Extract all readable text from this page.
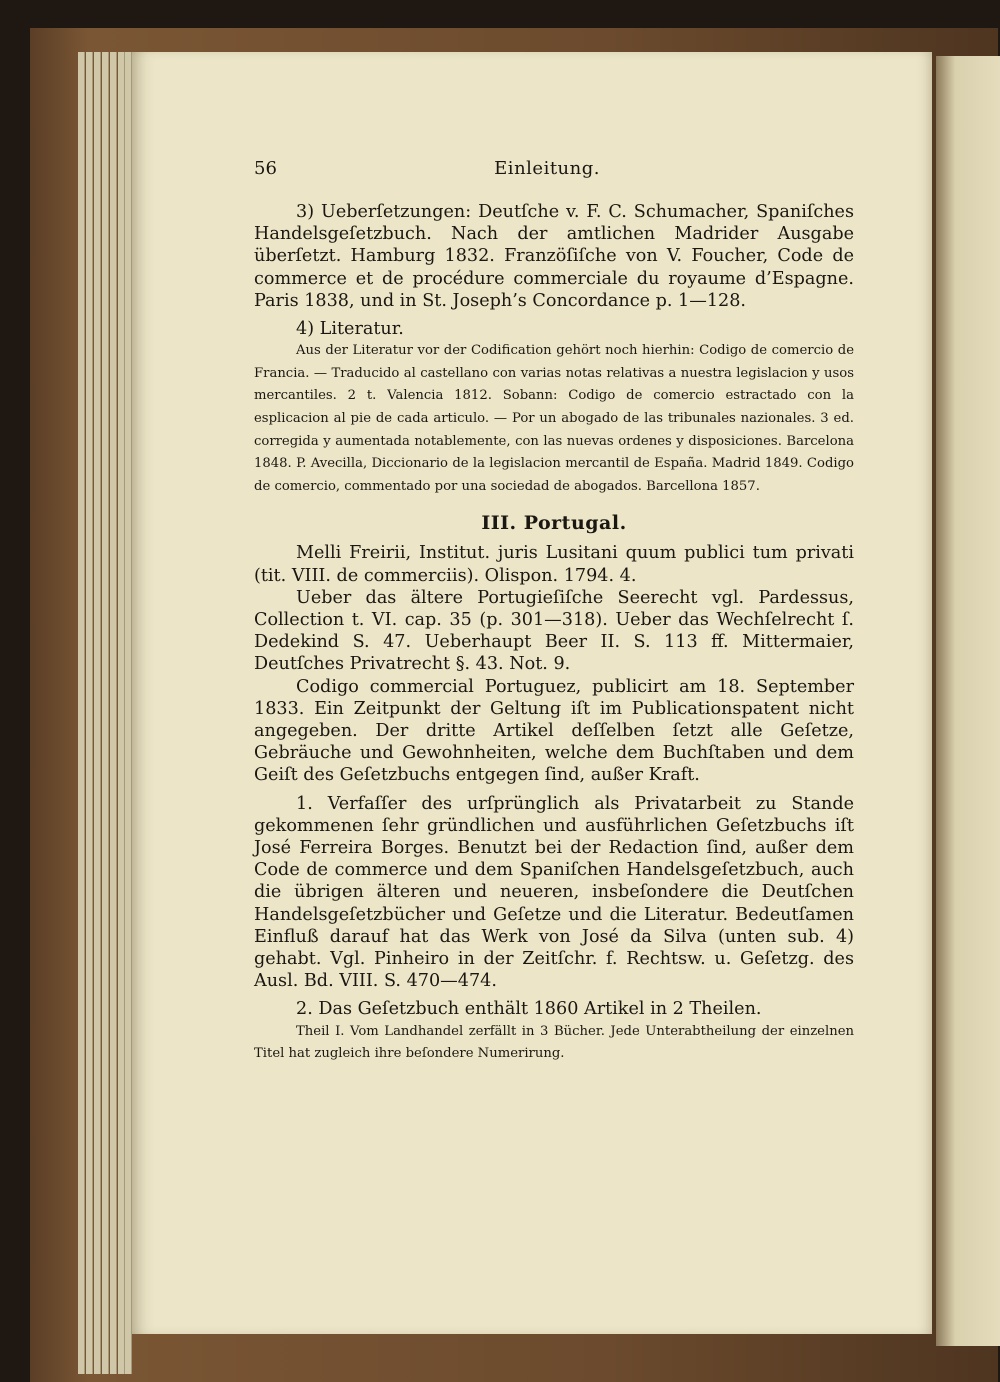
56	Einleitung.

3) Ueberſetzungen: Deutſche v. F. C. Schumacher, Spaniſches Handelsgeſetzbuch. Nach der amtlichen Madrider Ausgabe überſetzt. Hamburg 1832. Franzöſiſche von V. Foucher, Code de commerce et de procédure commerciale du royaume d’Espagne. Paris 1838, und in St. Joseph’s Concordance p. 1—128.

4) Literatur.

Aus der Literatur vor der Codification gehört noch hierhin: Codigo de comercio de Francia. — Traducido al castellano con varias notas relativas a nuestra legislacion y usos mercantiles. 2 t. Valencia 1812. Sobann: Codigo de comercio estractado con la esplicacion al pie de cada articulo. — Por un abogado de las tribunales nazionales. 3 ed. corregida y aumentada notablemente, con las nuevas ordenes y disposiciones. Barcelona 1848. P. Avecilla, Diccionario de la legislacion mercantil de España. Madrid 1849. Codigo de comercio, commentado por una sociedad de abogados. Barcellona 1857.

III. Portugal.

Melli Freirii, Institut. juris Lusitani quum publici tum privati (tit. VIII. de commerciis). Olispon. 1794. 4.

Ueber das ältere Portugieſiſche Seerecht vgl. Pardessus, Collection t. VI. cap. 35 (p. 301—318). Ueber das Wechſelrecht ſ. Dedekind S. 47. Ueberhaupt Beer II. S. 113 ff. Mittermaier, Deutſches Privatrecht §. 43. Not. 9.

Codigo commercial Portuguez, publicirt am 18. September 1833. Ein Zeitpunkt der Geltung iſt im Publicationspatent nicht angegeben. Der dritte Artikel deſſelben ſetzt alle Geſetze, Gebräuche und Gewohnheiten, welche dem Buchſtaben und dem Geiſt des Geſetzbuchs entgegen ſind, außer Kraft.

1. Verfaſſer des urſprünglich als Privatarbeit zu Stande gekommenen ſehr gründlichen und ausführlichen Geſetzbuchs iſt José Ferreira Borges. Benutzt bei der Redaction ſind, außer dem Code de commerce und dem Spaniſchen Handelsgeſetzbuch, auch die übrigen älteren und neueren, insbeſondere die Deutſchen Handelsgeſetzbücher und Geſetze und die Literatur. Bedeutſamen Einfluß darauf hat das Werk von José da Silva (unten sub. 4) gehabt. Vgl. Pinheiro in der Zeitſchr. f. Rechtsw. u. Geſetzg. des Ausl. Bd. VIII. S. 470—474.

2. Das Geſetzbuch enthält 1860 Artikel in 2 Theilen.

Theil I. Vom Landhandel zerfällt in 3 Bücher. Jede Unterabtheilung der einzelnen Titel hat zugleich ihre beſondere Numerirung.
